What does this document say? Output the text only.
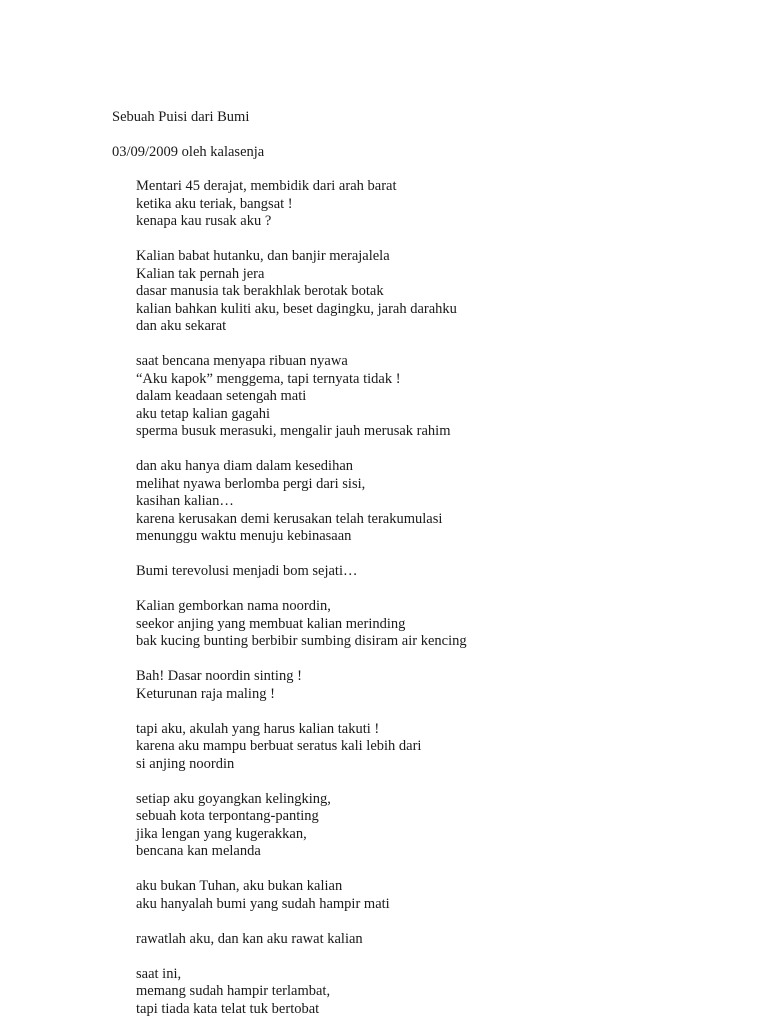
Sebuah Puisi dari Bumi
03/09/2009 oleh kalasenja
Mentari 45 derajat, membidik dari arah barat
ketika aku teriak, bangsat !
kenapa kau rusak aku ?
Kalian babat hutanku, dan banjir merajalela
Kalian tak pernah jera
dasar manusia tak berakhlak berotak botak
kalian bahkan kuliti aku, beset dagingku, jarah darahku
dan aku sekarat
saat bencana menyapa ribuan nyawa
“Aku kapok” menggema, tapi ternyata tidak !
dalam keadaan setengah mati
aku tetap kalian gagahi
sperma busuk merasuki, mengalir jauh merusak rahim
dan aku hanya diam dalam kesedihan
melihat nyawa berlomba pergi dari sisi,
kasihan kalian…
karena kerusakan demi kerusakan telah terakumulasi
menunggu waktu menuju kebinasaan
Bumi terevolusi menjadi bom sejati…
Kalian gemborkan nama noordin,
seekor anjing yang membuat kalian merinding
bak kucing bunting berbibir sumbing disiram air kencing
Bah! Dasar noordin sinting !
Keturunan raja maling !
tapi aku, akulah yang harus kalian takuti !
karena aku mampu berbuat seratus kali lebih dari
si anjing noordin
setiap aku goyangkan kelingking,
sebuah kota terpontang-panting
jika lengan yang kugerakkan,
bencana kan melanda
aku bukan Tuhan, aku bukan kalian
aku hanyalah bumi yang sudah hampir mati
rawatlah aku, dan kan aku rawat kalian
saat ini,
memang sudah hampir terlambat,
tapi tiada kata telat tuk bertobat
